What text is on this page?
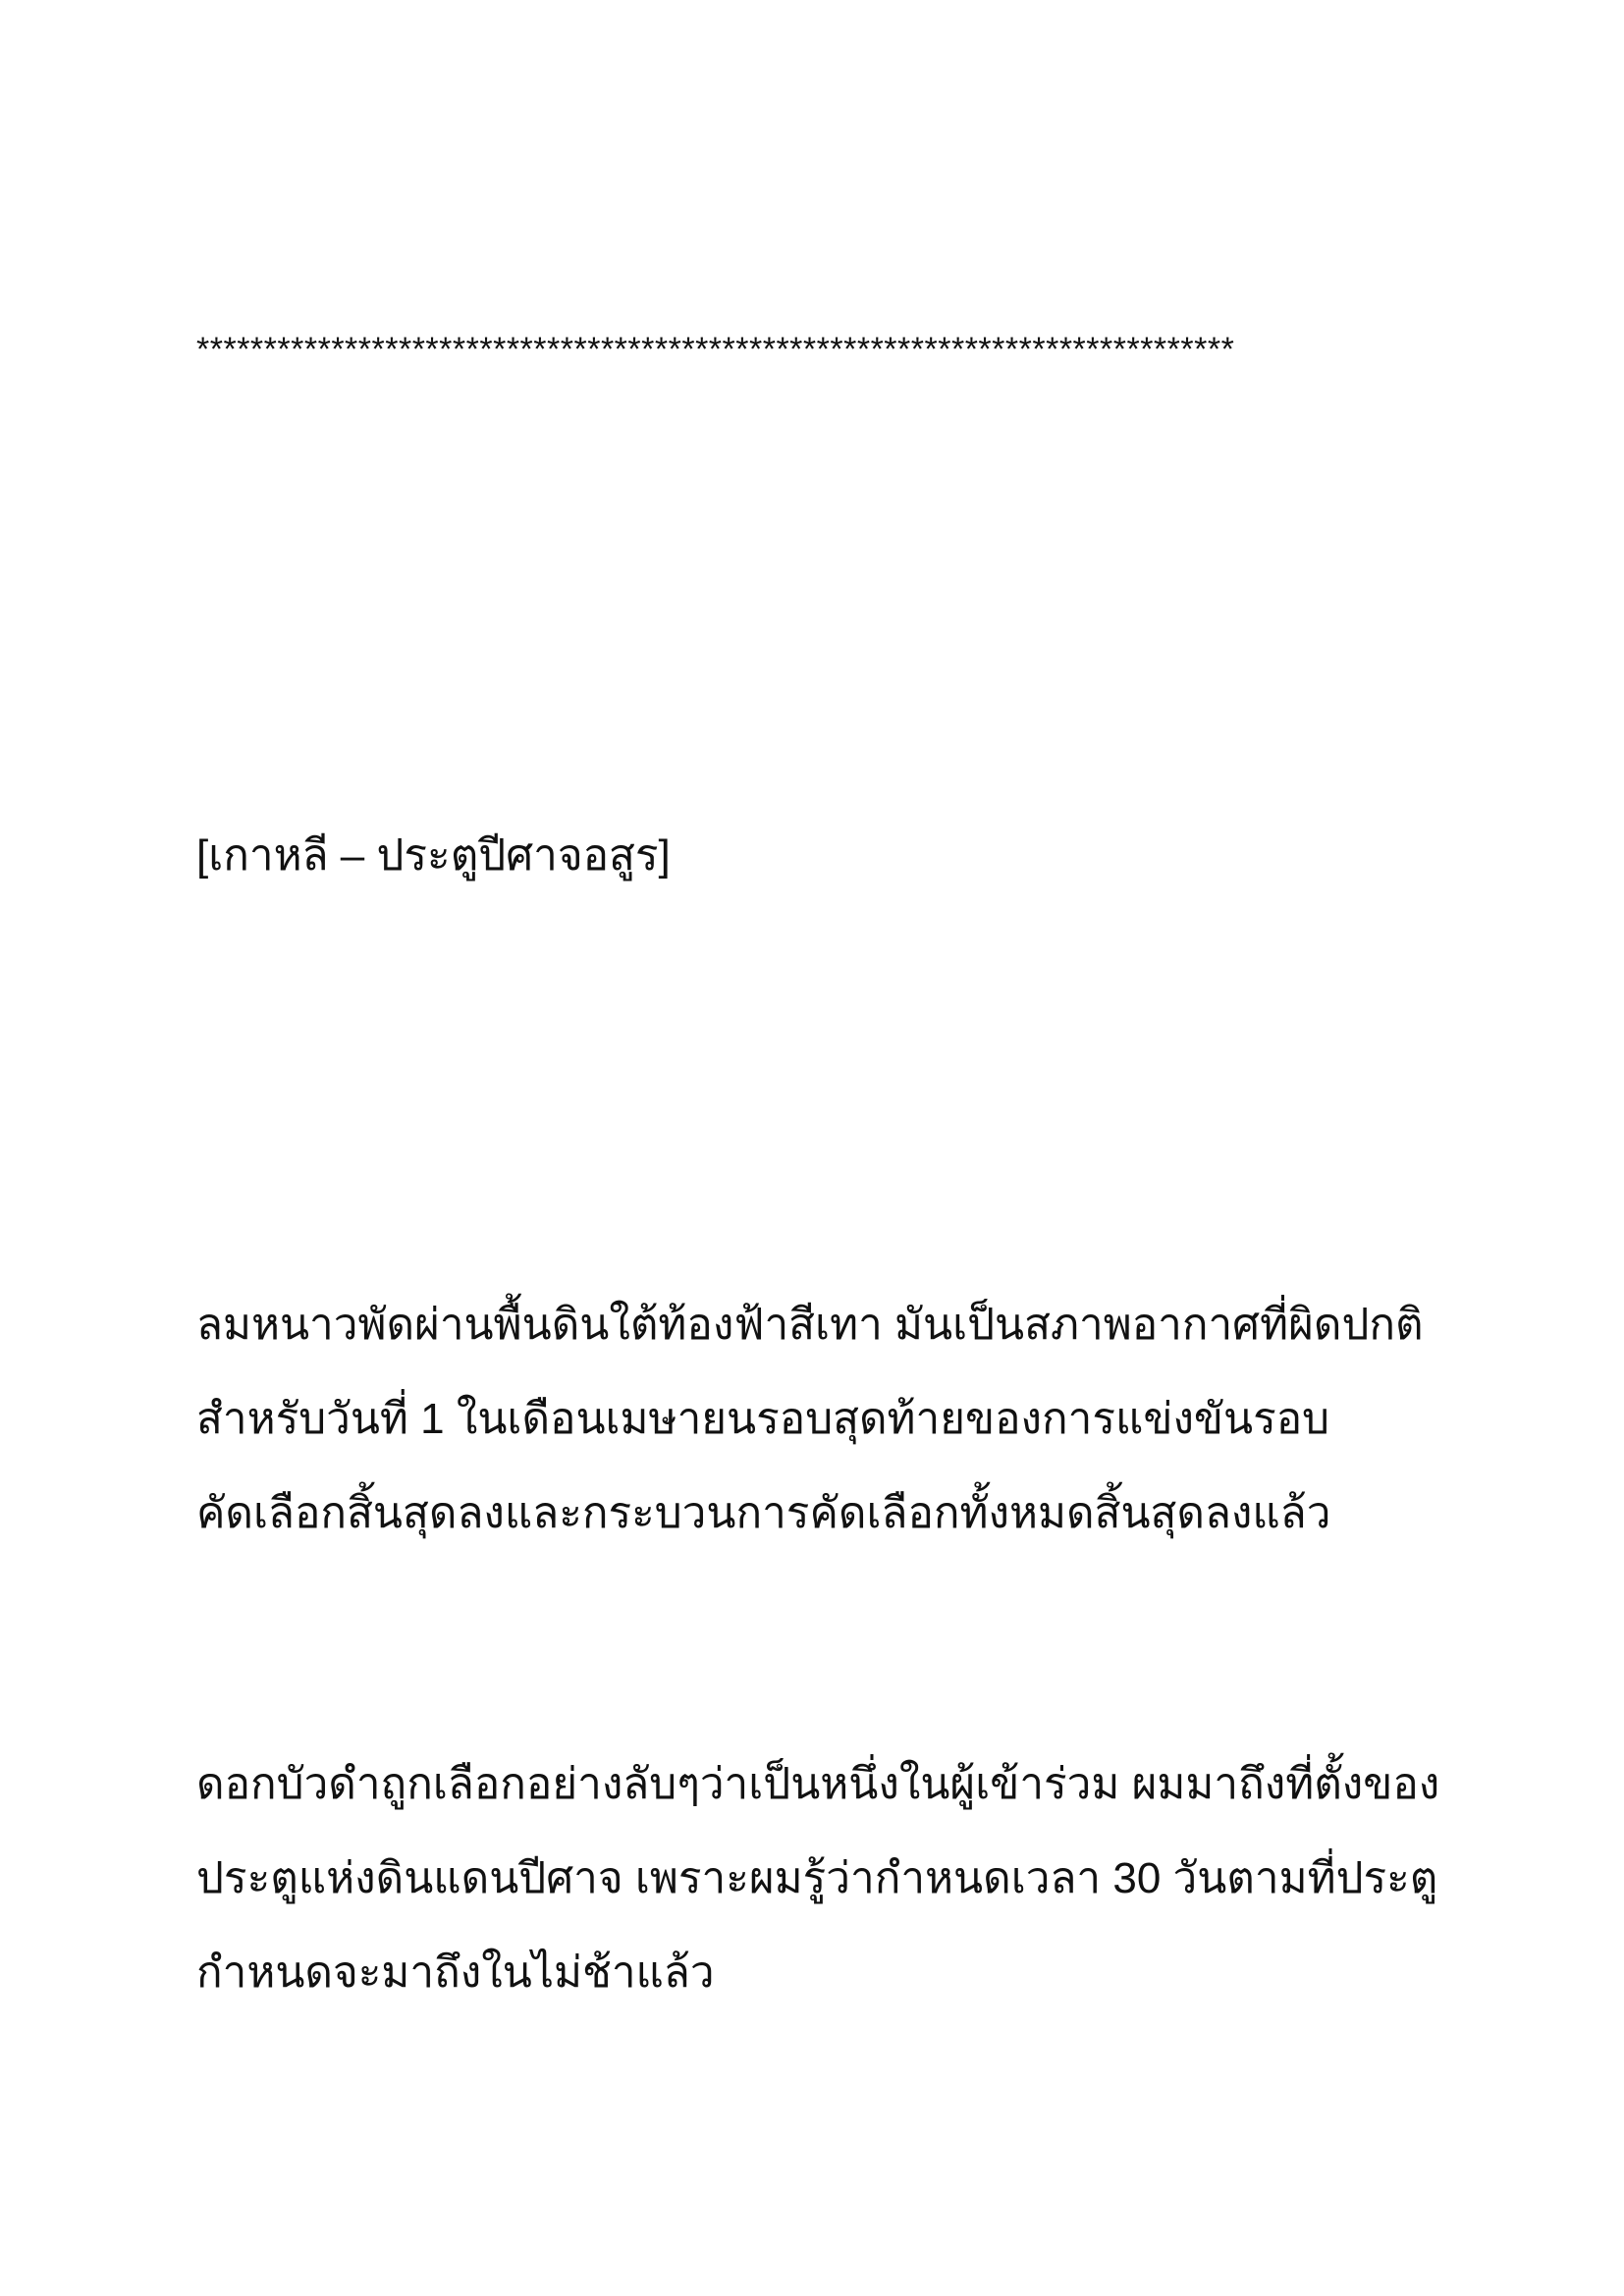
*****************************************************************************
[เกาหลี – ประตูปีศาจอสูร]
ลมหนาวพัดผ่านพื้นดินใต้ท้องฟ้าสีเทา มันเป็นสภาพอากาศที่ผิดปกติ
สำหรับวันที่ 1 ในเดือนเมษายนรอบสุดท้ายของการแข่งขันรอบ
คัดเลือกสิ้นสุดลงและกระบวนการคัดเลือกทั้งหมดสิ้นสุดลงแล้ว
ดอกบัวดำถูกเลือกอย่างลับๆว่าเป็นหนึ่งในผู้เข้าร่วม ผมมาถึงที่ตั้งของ
ประตูแห่งดินแดนปีศาจ เพราะผมรู้ว่ากำหนดเวลา 30 วันตามที่ประตู
กำหนดจะมาถึงในไม่ช้าแล้ว
